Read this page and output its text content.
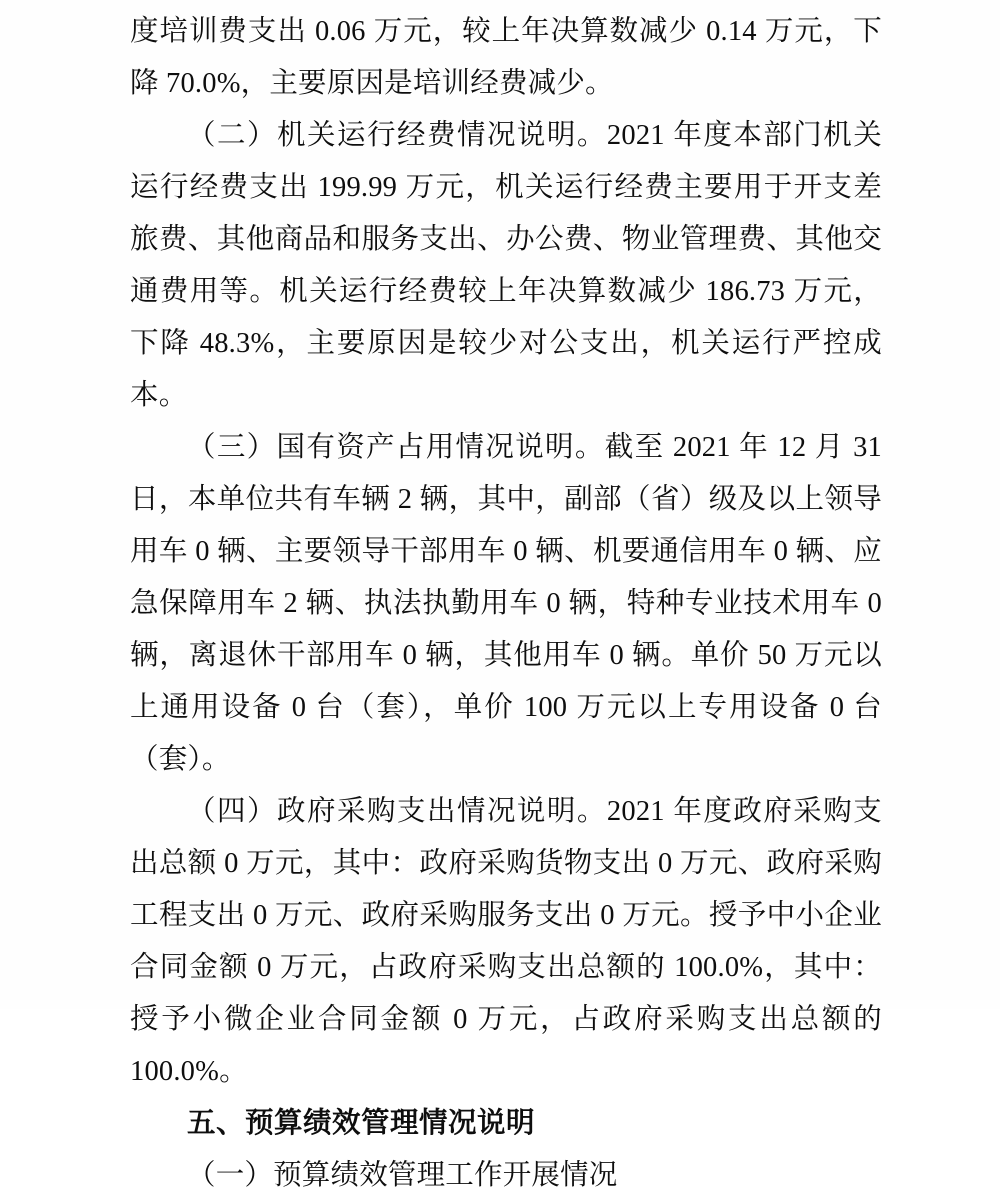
度培训费支出 0.06 万元，较上年决算数减少 0.14 万元，下降 70.0%，主要原因是培训经费减少。

（二）机关运行经费情况说明。2021 年度本部门机关运行经费支出 199.99 万元，机关运行经费主要用于开支差旅费、其他商品和服务支出、办公费、物业管理费、其他交通费用等。机关运行经费较上年决算数减少 186.73 万元，下降 48.3%，主要原因是较少对公支出，机关运行严控成本。

（三）国有资产占用情况说明。截至 2021 年 12 月 31 日，本单位共有车辆 2 辆，其中，副部（省）级及以上领导用车 0 辆、主要领导干部用车 0 辆、机要通信用车 0 辆、应急保障用车 2 辆、执法执勤用车 0 辆，特种专业技术用车 0 辆，离退休干部用车 0 辆，其他用车 0 辆。单价 50 万元以上通用设备 0 台（套），单价 100 万元以上专用设备 0 台（套）。

（四）政府采购支出情况说明。2021 年度政府采购支出总额 0 万元，其中：政府采购货物支出 0 万元、政府采购工程支出 0 万元、政府采购服务支出 0 万元。授予中小企业合同金额 0 万元，占政府采购支出总额的 100.0%，其中：授予小微企业合同金额 0 万元，占政府采购支出总额的 100.0%。

五、预算绩效管理情况说明

（一）预算绩效管理工作开展情况
